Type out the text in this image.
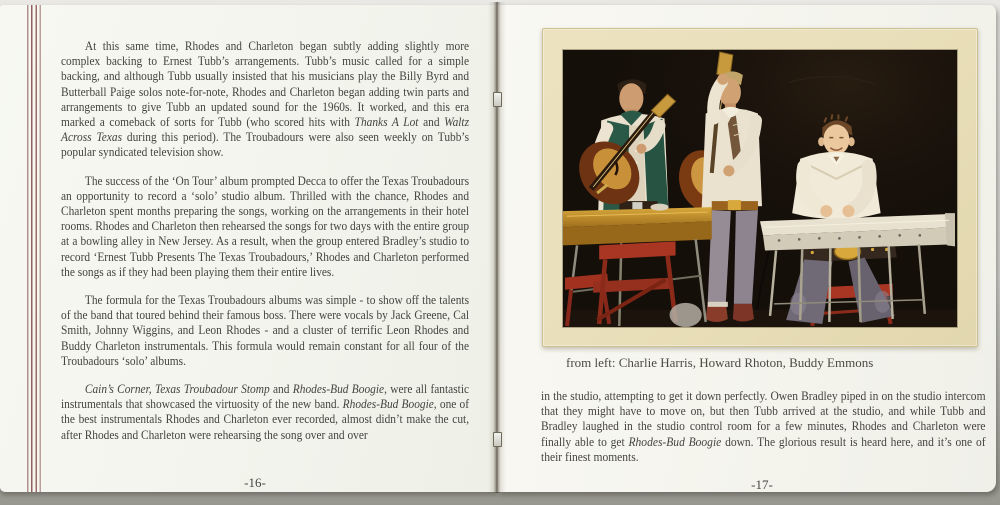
At this same time, Rhodes and Charleton began subtly adding slightly more complex backing to Ernest Tubb’s arrangements. Tubb’s music called for a simple backing, and although Tubb usually insisted that his musicians play the Billy Byrd and Butterball Paige solos note-for-note, Rhodes and Charleton began adding twin parts and arrangements to give Tubb an updated sound for the 1960s. It worked, and this era marked a comeback of sorts for Tubb (who scored hits with Thanks A Lot and Waltz Across Texas during this period). The Troubadours were also seen weekly on Tubb’s popular syndicated television show.

The success of the ‘On Tour’ album prompted Decca to offer the Texas Troubadours an opportunity to record a ‘solo’ studio album. Thrilled with the chance, Rhodes and Charleton spent months preparing the songs, working on the arrangements in their hotel rooms. Rhodes and Charleton then rehearsed the songs for two days with the entire group at a bowling alley in New Jersey. As a result, when the group entered Bradley’s studio to record ‘Ernest Tubb Presents The Texas Troubadours,’ Rhodes and Charleton performed the songs as if they had been playing them their entire lives.

The formula for the Texas Troubadours albums was simple - to show off the talents of the band that toured behind their famous boss. There were vocals by Jack Greene, Cal Smith, Johnny Wiggins, and Leon Rhodes - and a cluster of terrific Leon Rhodes and Buddy Charleton instrumentals. This formula would remain constant for all four of the Troubadours ‘solo’ albums.

Cain’s Corner, Texas Troubadour Stomp and Rhodes-Bud Boogie, were all fantastic instrumentals that showcased the virtuosity of the new band. Rhodes-Bud Boogie, one of the best instrumentals Rhodes and Charleton ever recorded, almost didn’t make the cut, after Rhodes and Charleton were rehearsing the song over and over

-16-
from left: Charlie Harris, Howard Rhoton, Buddy Emmons

in the studio, attempting to get it down perfectly. Owen Bradley piped in on the studio intercom that they might have to move on, but then Tubb arrived at the studio, and while Tubb and Bradley laughed in the studio control room for a few minutes, Rhodes and Charleton were finally able to get Rhodes-Bud Boogie down. The glorious result is heard here, and it’s one of their finest moments.

-17-
